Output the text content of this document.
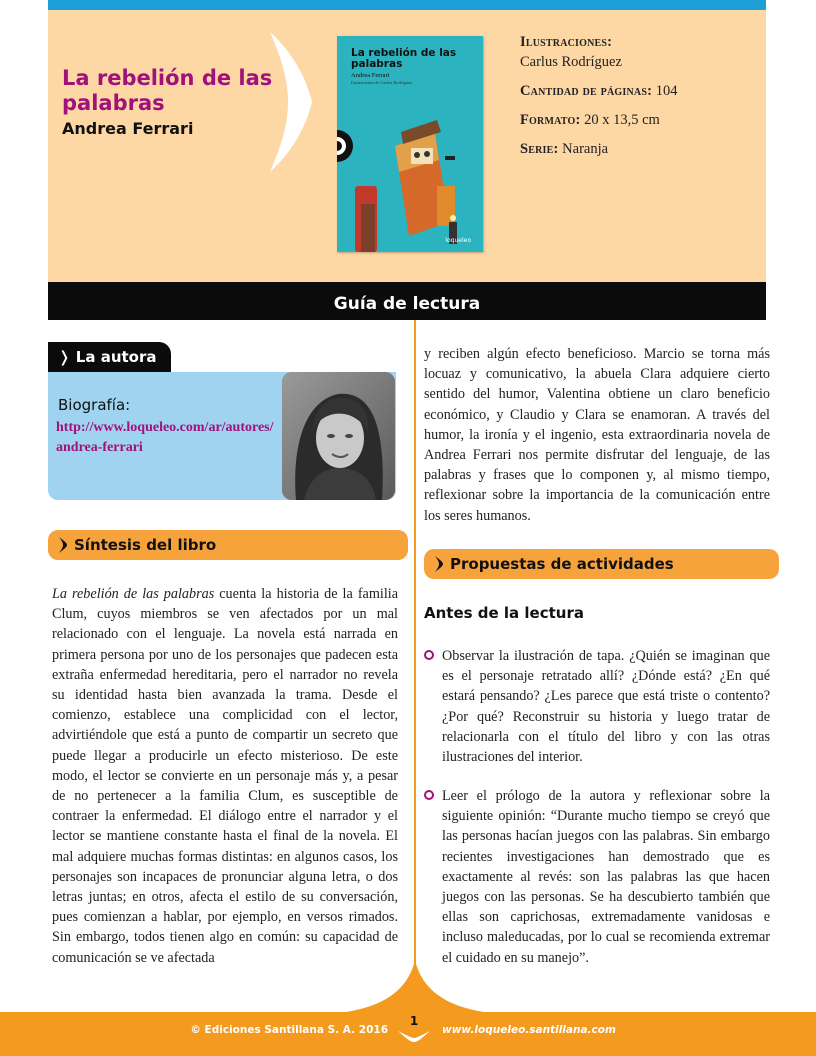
La rebelión de las palabras
Andrea Ferrari
La rebelión de las palabras
Andrea Ferrari
Ilustraciones de Carlus Rodríguez
loqueleo
Ilustraciones:
Carlus Rodríguez
Cantidad de páginas: 104
Formato: 20 x 13,5 cm
Serie: Naranja
Guía de lectura
❭ La autora
Biografía:
http://www.loqueleo.com/ar/autores/andrea-ferrari
Síntesis del libro

La rebelión de las palabras cuenta la historia de la familia Clum, cuyos miembros se ven afectados por un mal relacionado con el lenguaje. La novela está narrada en primera persona por uno de los personajes que padecen esta extraña enfermedad hereditaria, pero el narrador no revela su identidad hasta bien avanzada la trama. Desde el comienzo, establece una complicidad con el lector, advirtiéndole que está a punto de compartir un secreto que puede llegar a producirle un efecto misterioso. De este modo, el lector se convierte en un personaje más y, a pesar de no pertenecer a la familia Clum, es susceptible de contraer la enfermedad. El diálogo entre el narrador y el lector se mantiene constante hasta el final de la novela. El mal adquiere muchas formas distintas: en algunos casos, los personajes son incapaces de pronunciar alguna letra, o dos letras juntas; en otros, afecta el estilo de su conversación, pues comienzan a hablar, por ejemplo, en versos rimados. Sin embargo, todos tienen algo en común: su capacidad de comunicación se ve afectada

y reciben algún efecto beneficioso. Marcio se torna más locuaz y comunicativo, la abuela Clara adquiere cierto sentido del humor, Valentina obtiene un claro beneficio económico, y Claudio y Clara se enamoran. A través del humor, la ironía y el ingenio, esta extraordinaria novela de Andrea Ferrari nos permite disfrutar del lenguaje, de las palabras y frases que lo componen y, al mismo tiempo, reflexionar sobre la importancia de la comunicación entre los seres humanos.

Propuestas de actividades
Antes de la lectura
Observar la ilustración de tapa. ¿Quién se imaginan que es el personaje retratado allí? ¿Dónde está? ¿En qué estará pensando? ¿Les parece que está triste o contento? ¿Por qué? Reconstruir su historia y luego tratar de relacionarla con el título del libro y con las otras ilustraciones del interior.
Leer el prólogo de la autora y reflexionar sobre la siguiente opinión: “Durante mucho tiempo se creyó que las personas hacían juegos con las palabras. Sin embargo recientes investigaciones han demostrado que es exactamente al revés: son las palabras las que hacen juegos con las personas. Se ha descubierto también que ellas son caprichosas, extremadamente vanidosas e incluso maleducadas, por lo cual se recomienda extremar el cuidado en su manejo”.
© Ediciones Santillana S. A. 2016
1
www.loqueleo.santillana.com
